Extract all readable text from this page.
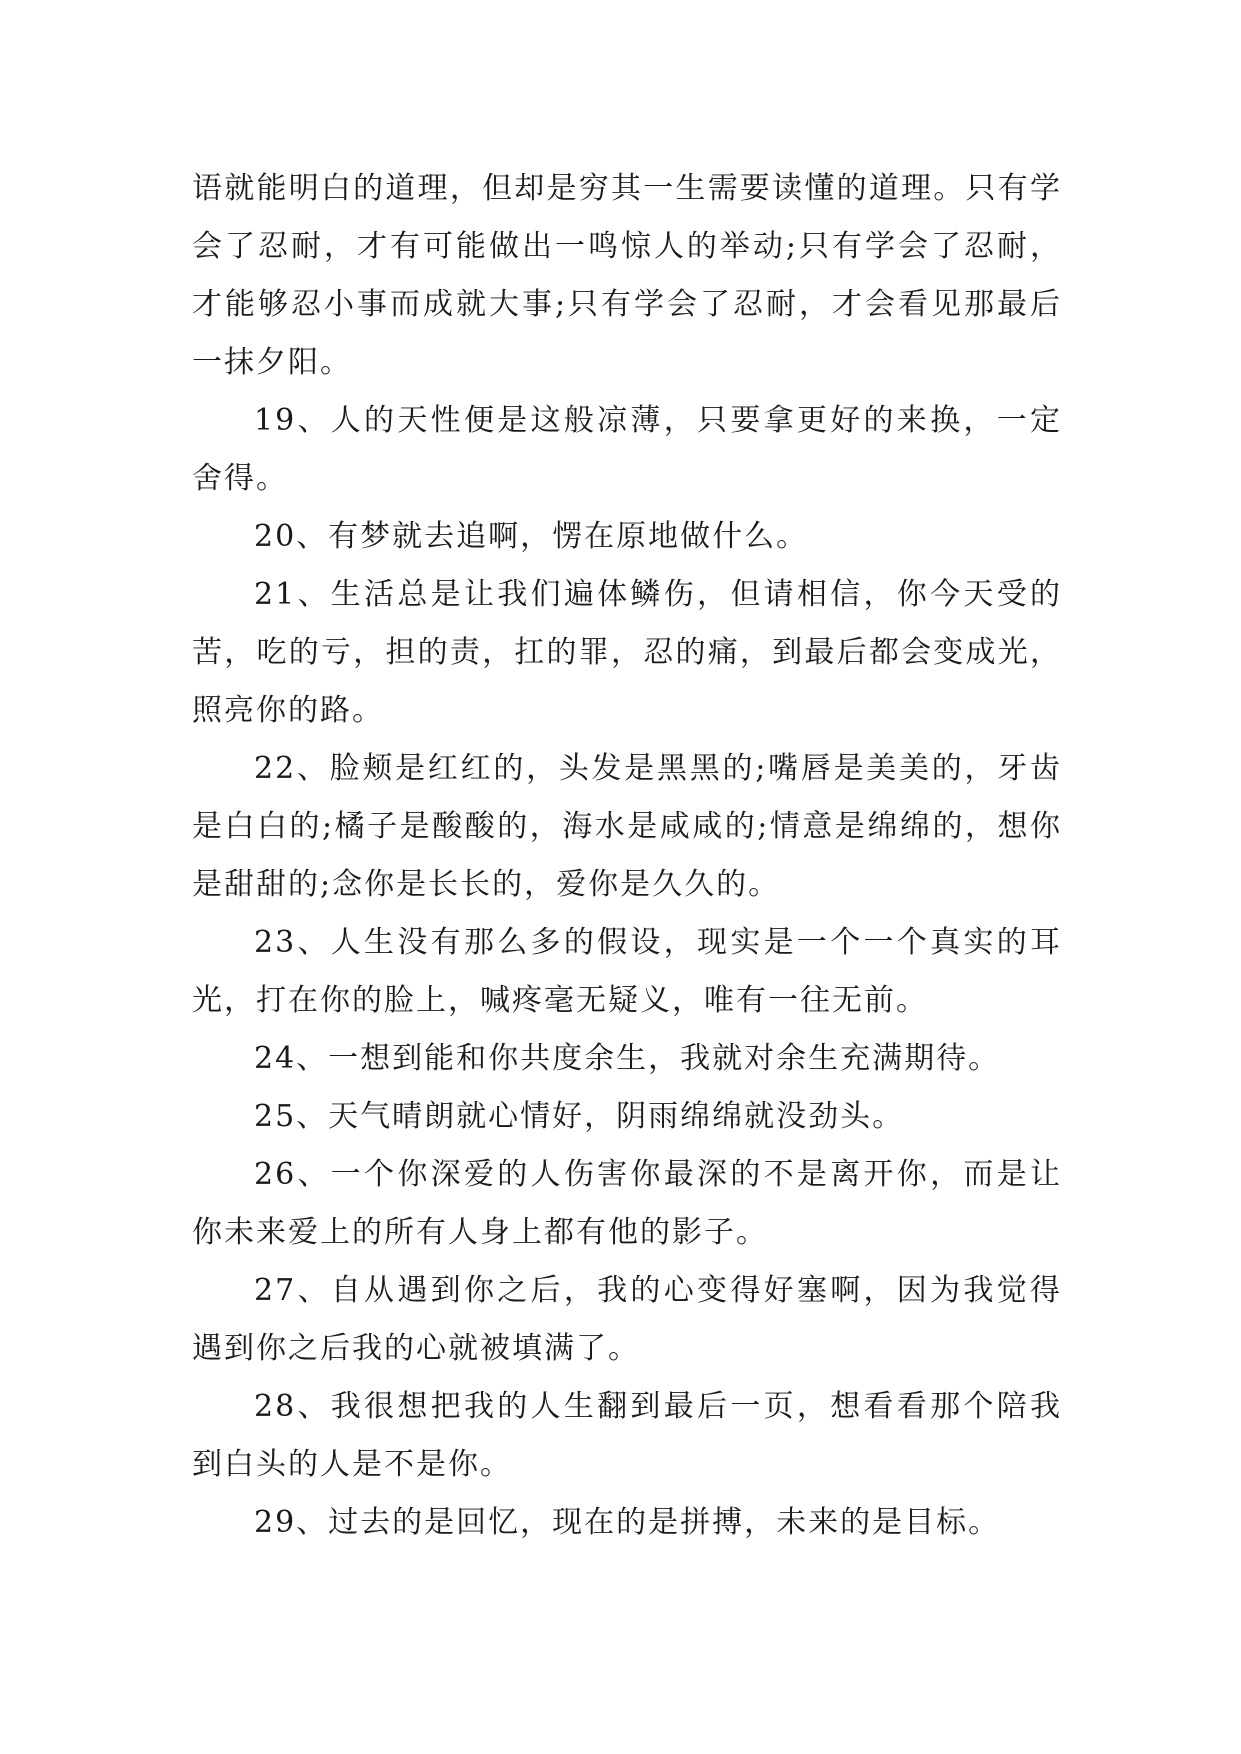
语就能明白的道理，但却是穷其一生需要读懂的道理。只有学会了忍耐，才有可能做出一鸣惊人的举动;只有学会了忍耐，才能够忍小事而成就大事;只有学会了忍耐，才会看见那最后一抹夕阳。

19、人的天性便是这般凉薄，只要拿更好的来换，一定舍得。

20、有梦就去追啊，愣在原地做什么。

21、生活总是让我们遍体鳞伤，但请相信，你今天受的苦，吃的亏，担的责，扛的罪，忍的痛，到最后都会变成光，照亮你的路。

22、脸颊是红红的，头发是黑黑的;嘴唇是美美的，牙齿是白白的;橘子是酸酸的，海水是咸咸的;情意是绵绵的，想你是甜甜的;念你是长长的，爱你是久久的。

23、人生没有那么多的假设，现实是一个一个真实的耳光，打在你的脸上，喊疼毫无疑义，唯有一往无前。

24、一想到能和你共度余生，我就对余生充满期待。

25、天气晴朗就心情好，阴雨绵绵就没劲头。

26、一个你深爱的人伤害你最深的不是离开你，而是让你未来爱上的所有人身上都有他的影子。

27、自从遇到你之后，我的心变得好塞啊，因为我觉得遇到你之后我的心就被填满了。

28、我很想把我的人生翻到最后一页，想看看那个陪我到白头的人是不是你。

29、过去的是回忆，现在的是拼搏，未来的是目标。
